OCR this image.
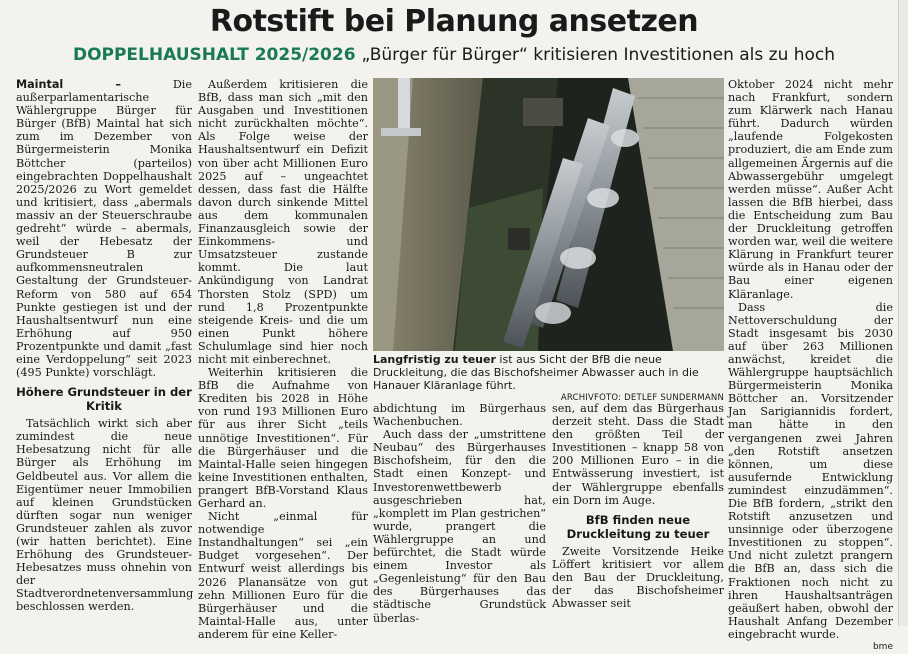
Rotstift bei Planung ansetzen
DOPPELHAUSHALT 2025/2026 „Bürger für Bürger“ kritisieren Investitionen als zu hoch

Maintal –	Die außerparlamentarische Wählergruppe Bürger für Bürger (BfB) Maintal hat sich zum im Dezember von Bürgermeisterin Monika Böttcher (parteilos) eingebrachten Doppelhaushalt 2025/2026 zu Wort gemeldet und kritisiert, dass „abermals massiv an der Steuerschraube gedreht“ würde – abermals, weil der Hebesatz der Grundsteuer B zur aufkommensneutralen Gestaltung der Grundsteuer-Reform von 580 auf 654 Punkte gestiegen ist und der Haushaltsentwurf nun eine Erhöhung auf 950 Prozentpunkte und damit „fast eine Verdoppelung“ seit 2023 (495 Punkte) vorschlägt.

Höhere Grundsteuer in der Kritik

Tatsächlich wirkt sich aber zumindest die neue Hebesatzung nicht für alle Bürger als Erhöhung im Geldbeutel aus. Vor allem die Eigentümer neuer Immobilien auf kleinen Grundstücken dürften sogar nun weniger Grundsteuer zahlen als zuvor (wir hatten berichtet). Eine Erhöhung des Grundsteuer-Hebesatzes muss ohnehin von der Stadtverordnetenversammlung beschlossen werden.

Außerdem kritisieren die BfB, dass man sich „mit den Ausgaben und Investitionen nicht zurückhalten möchte“. Als Folge weise der Haushaltsentwurf ein Defizit von über acht Millionen Euro 2025 auf – ungeachtet dessen, dass fast die Hälfte davon durch sinkende Mittel aus dem kommunalen Finanzausgleich sowie der Einkommens- und Umsatzsteuer zustande kommt. Die laut Ankündigung von Landrat Thorsten Stolz (SPD) um rund 1,8 Prozentpunkte steigende Kreis- und die um einen Punkt höhere Schulumlage sind hier noch nicht mit einberechnet.

Weiterhin kritisieren die BfB die Aufnahme von Krediten bis 2028 in Höhe von rund 193 Millionen Euro für aus ihrer Sicht „teils unnötige Investitionen“. Für die Bürgerhäuser und die Maintal-Halle seien hingegen keine Investitionen enthalten, prangert BfB-Vorstand Klaus Gerhard an.

Nicht „einmal für notwendige Instandhaltungen“ sei „ein Budget vorgesehen“. Der Entwurf weist allerdings bis 2026 Planansätze von gut zehn Millionen Euro für die Bürgerhäuser und die Maintal-Halle aus, unter anderem für eine Keller-

Langfristig zu teuer ist aus Sicht der BfB die neue Druckleitung, die das Bischofsheimer Abwasser auch in die Hanauer Kläranlage führt.
ARCHIVFOTO: DETLEF SUNDERMANN

abdichtung im Bürgerhaus Wachenbuchen.

Auch dass der „umstrittene Neubau“ des Bürgerhauses Bischofsheim, für den die Stadt einen Konzept- und Investorenwettbewerb ausgeschrieben hat, „komplett im Plan gestrichen“ wurde, prangert die Wählergruppe an und befürchtet, die Stadt würde einem Investor als „Gegenleistung“ für den Bau des Bürgerhauses das städtische Grundstück überlas-

sen, auf dem das Bürgerhaus derzeit steht. Dass die Stadt den größten Teil der Investitionen – knapp 58 von 200 Millionen Euro – in die Entwässerung investiert, ist der Wählergruppe ebenfalls ein Dorn im Auge.

BfB finden neue Druckleitung zu teuer

Zweite Vorsitzende Heike Löffert kritisiert vor allem den Bau der Druckleitung, der das Bischofsheimer Abwasser seit

Oktober 2024 nicht mehr nach Frankfurt, sondern zum Klärwerk nach Hanau führt. Dadurch würden „laufende Folgekosten produziert, die am Ende zum allgemeinen Ärgernis auf die Abwassergebühr umgelegt werden müsse“. Außer Acht lassen die BfB hierbei, dass die Entscheidung zum Bau der Druckleitung getroffen worden war, weil die weitere Klärung in Frankfurt teurer würde als in Hanau oder der Bau einer eigenen Kläranlage.

Dass die Nettoverschuldung der Stadt insgesamt bis 2030 auf über 263 Millionen anwächst, kreidet die Wählergruppe hauptsächlich Bürgermeisterin Monika Böttcher an. Vorsitzender Jan Sarigiannidis fordert, man hätte in den vergangenen zwei Jahren „den Rotstift ansetzen können, um diese ausufernde Entwicklung zumindest einzudämmen“. Die BfB fordern, „strikt den Rotstift anzusetzen und unsinnige oder überzogene Investitionen zu stoppen“. Und nicht zuletzt prangern die BfB an, dass sich die Fraktionen noch nicht zu ihren Haushaltsanträgen geäußert haben, obwohl der Haushalt Anfang Dezember eingebracht wurde.

bme
